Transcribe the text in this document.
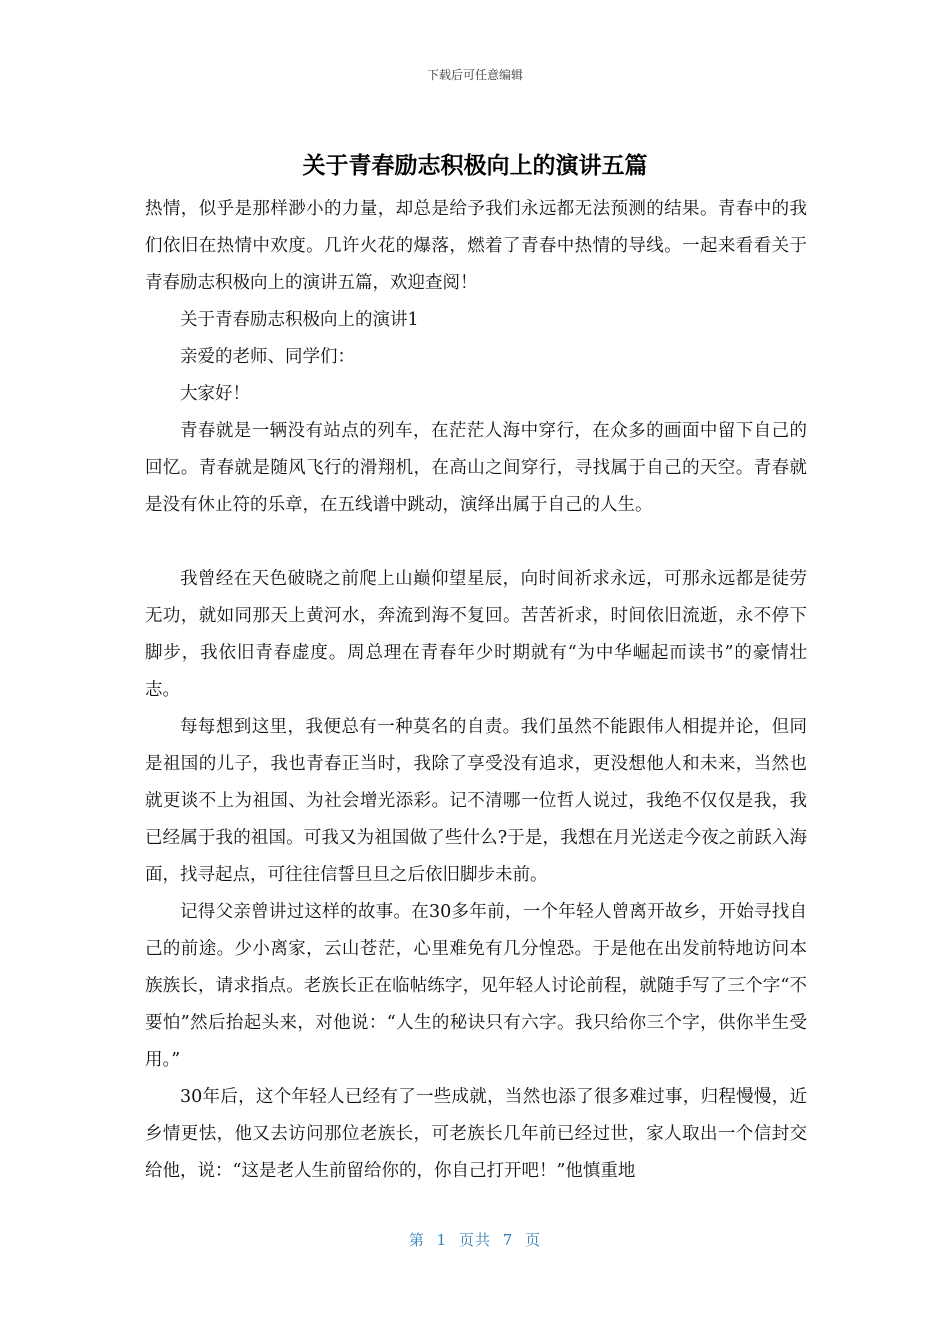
下载后可任意编辑
关于青春励志积极向上的演讲五篇

热情，似乎是那样渺小的力量，却总是给予我们永远都无法预测的结果。青春中的我们依旧在热情中欢度。几许火花的爆落，燃着了青春中热情的导线。一起来看看关于青春励志积极向上的演讲五篇，欢迎查阅！

关于青春励志积极向上的演讲1

亲爱的老师、同学们：

大家好！

青春就是一辆没有站点的列车，在茫茫人海中穿行，在众多的画面中留下自己的回忆。青春就是随风飞行的滑翔机，在高山之间穿行，寻找属于自己的天空。青春就是没有休止符的乐章，在五线谱中跳动，演绎出属于自己的人生。

我曾经在天色破晓之前爬上山巅仰望星辰，向时间祈求永远，可那永远都是徒劳无功，就如同那天上黄河水，奔流到海不复回。苦苦祈求，时间依旧流逝，永不停下脚步，我依旧青春虚度。周总理在青春年少时期就有“为中华崛起而读书”的豪情壮志。

每每想到这里，我便总有一种莫名的自责。我们虽然不能跟伟人相提并论，但同是祖国的儿子，我也青春正当时，我除了享受没有追求，更没想他人和未来，当然也就更谈不上为祖国、为社会增光添彩。记不清哪一位哲人说过，我绝不仅仅是我，我已经属于我的祖国。可我又为祖国做了些什么?于是，我想在月光送走今夜之前跃入海面，找寻起点，可往往信誓旦旦之后依旧脚步未前。

记得父亲曾讲过这样的故事。在30多年前，一个年轻人曾离开故乡，开始寻找自己的前途。少小离家，云山苍茫，心里难免有几分惶恐。于是他在出发前特地访问本族族长，请求指点。老族长正在临帖练字，见年轻人讨论前程，就随手写了三个字“不要怕”然后抬起头来，对他说：“人生的秘诀只有六字。我只给你三个字，供你半生受用。”

30年后，这个年轻人已经有了一些成就，当然也添了很多难过事，归程慢慢，近乡情更怯，他又去访问那位老族长，可老族长几年前已经过世，家人取出一个信封交给他，说：“这是老人生前留给你的，你自己打开吧！”他慎重地

第 1 页共 7 页
